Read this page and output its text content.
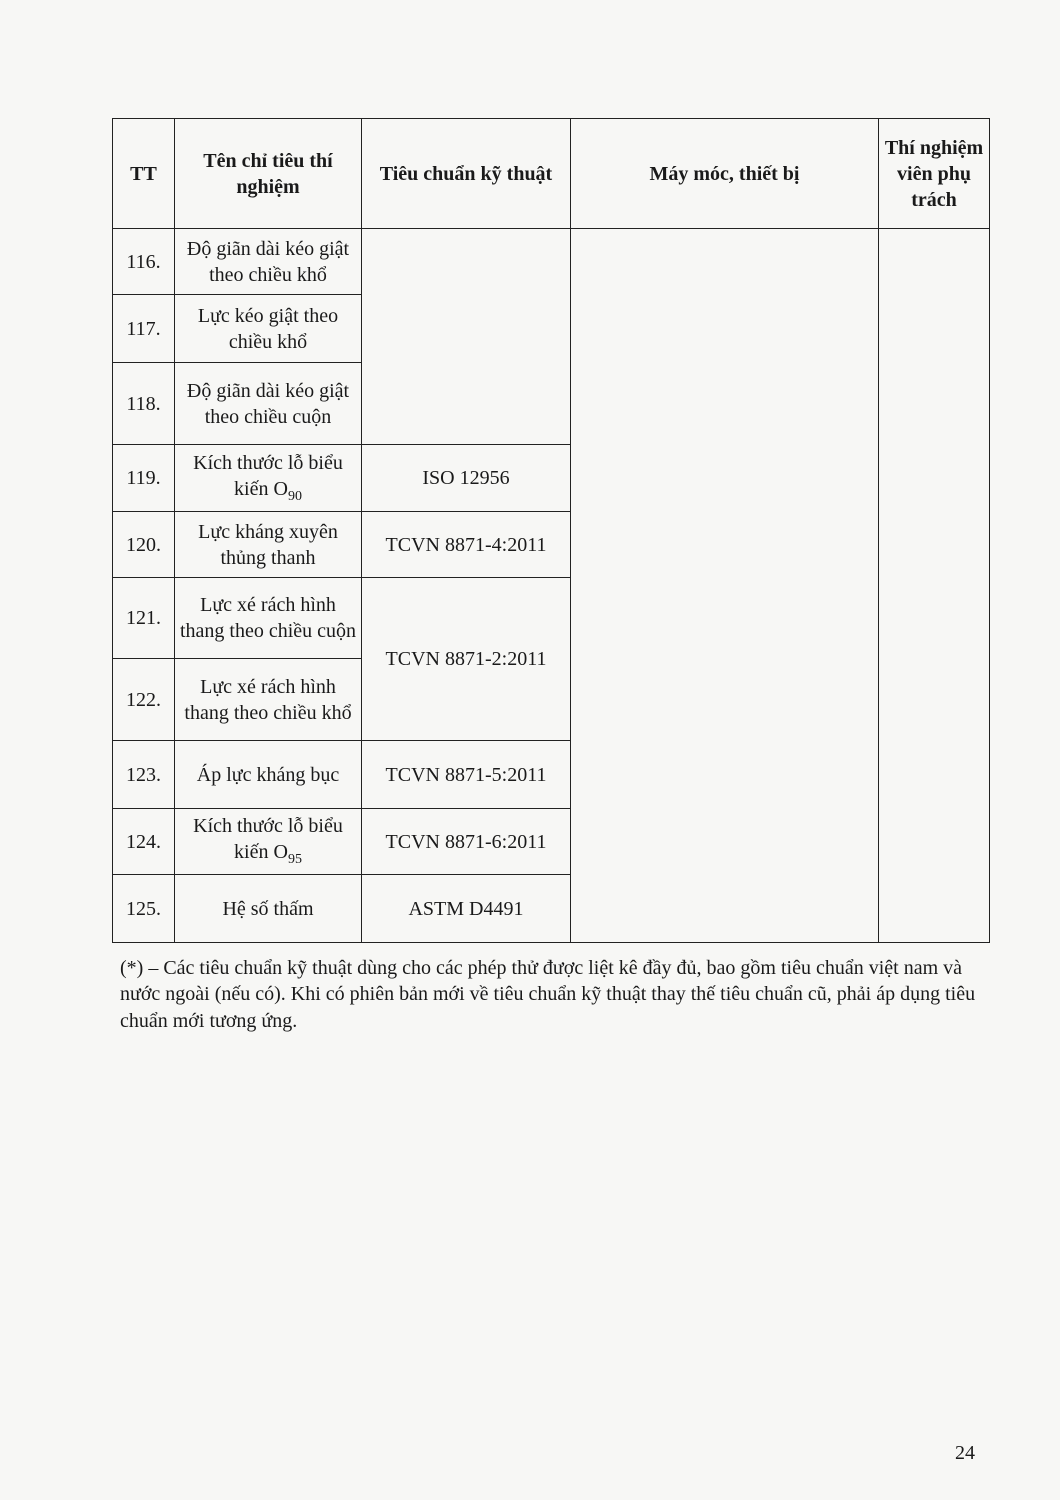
TT	Tên chỉ tiêu thí nghiệm	Tiêu chuẩn kỹ thuật	Máy móc, thiết bị	Thí nghiệm viên phụ trách
116.	Độ giãn dài kéo giật theo chiều khổ			
117.	Lực kéo giật theo chiều khổ			
118.	Độ giãn dài kéo giật theo chiều cuộn			
119.	Kích thước lỗ biểu kiến $O_{90}$	ISO 12956		
120.	Lực kháng xuyên thủng thanh	TCVN 8871-4:2011		
121.	Lực xé rách hình thang theo chiều cuộn	TCVN 8871-2:2011		
122.	Lực xé rách hình thang theo chiều khổ			
123.	Áp lực kháng bục	TCVN 8871-5:2011		
124.	Kích thước lỗ biểu kiến $O_{95}$	TCVN 8871-6:2011		
125.	Hệ số thấm	ASTM D4491		
(*) – Các tiêu chuẩn kỹ thuật dùng cho các phép thử được liệt kê đầy đủ, bao gồm tiêu chuẩn việt nam và nước ngoài (nếu có). Khi có phiên bản mới về tiêu chuẩn kỹ thuật thay thế tiêu chuẩn cũ, phải áp dụng tiêu chuẩn mới tương ứng.
24
